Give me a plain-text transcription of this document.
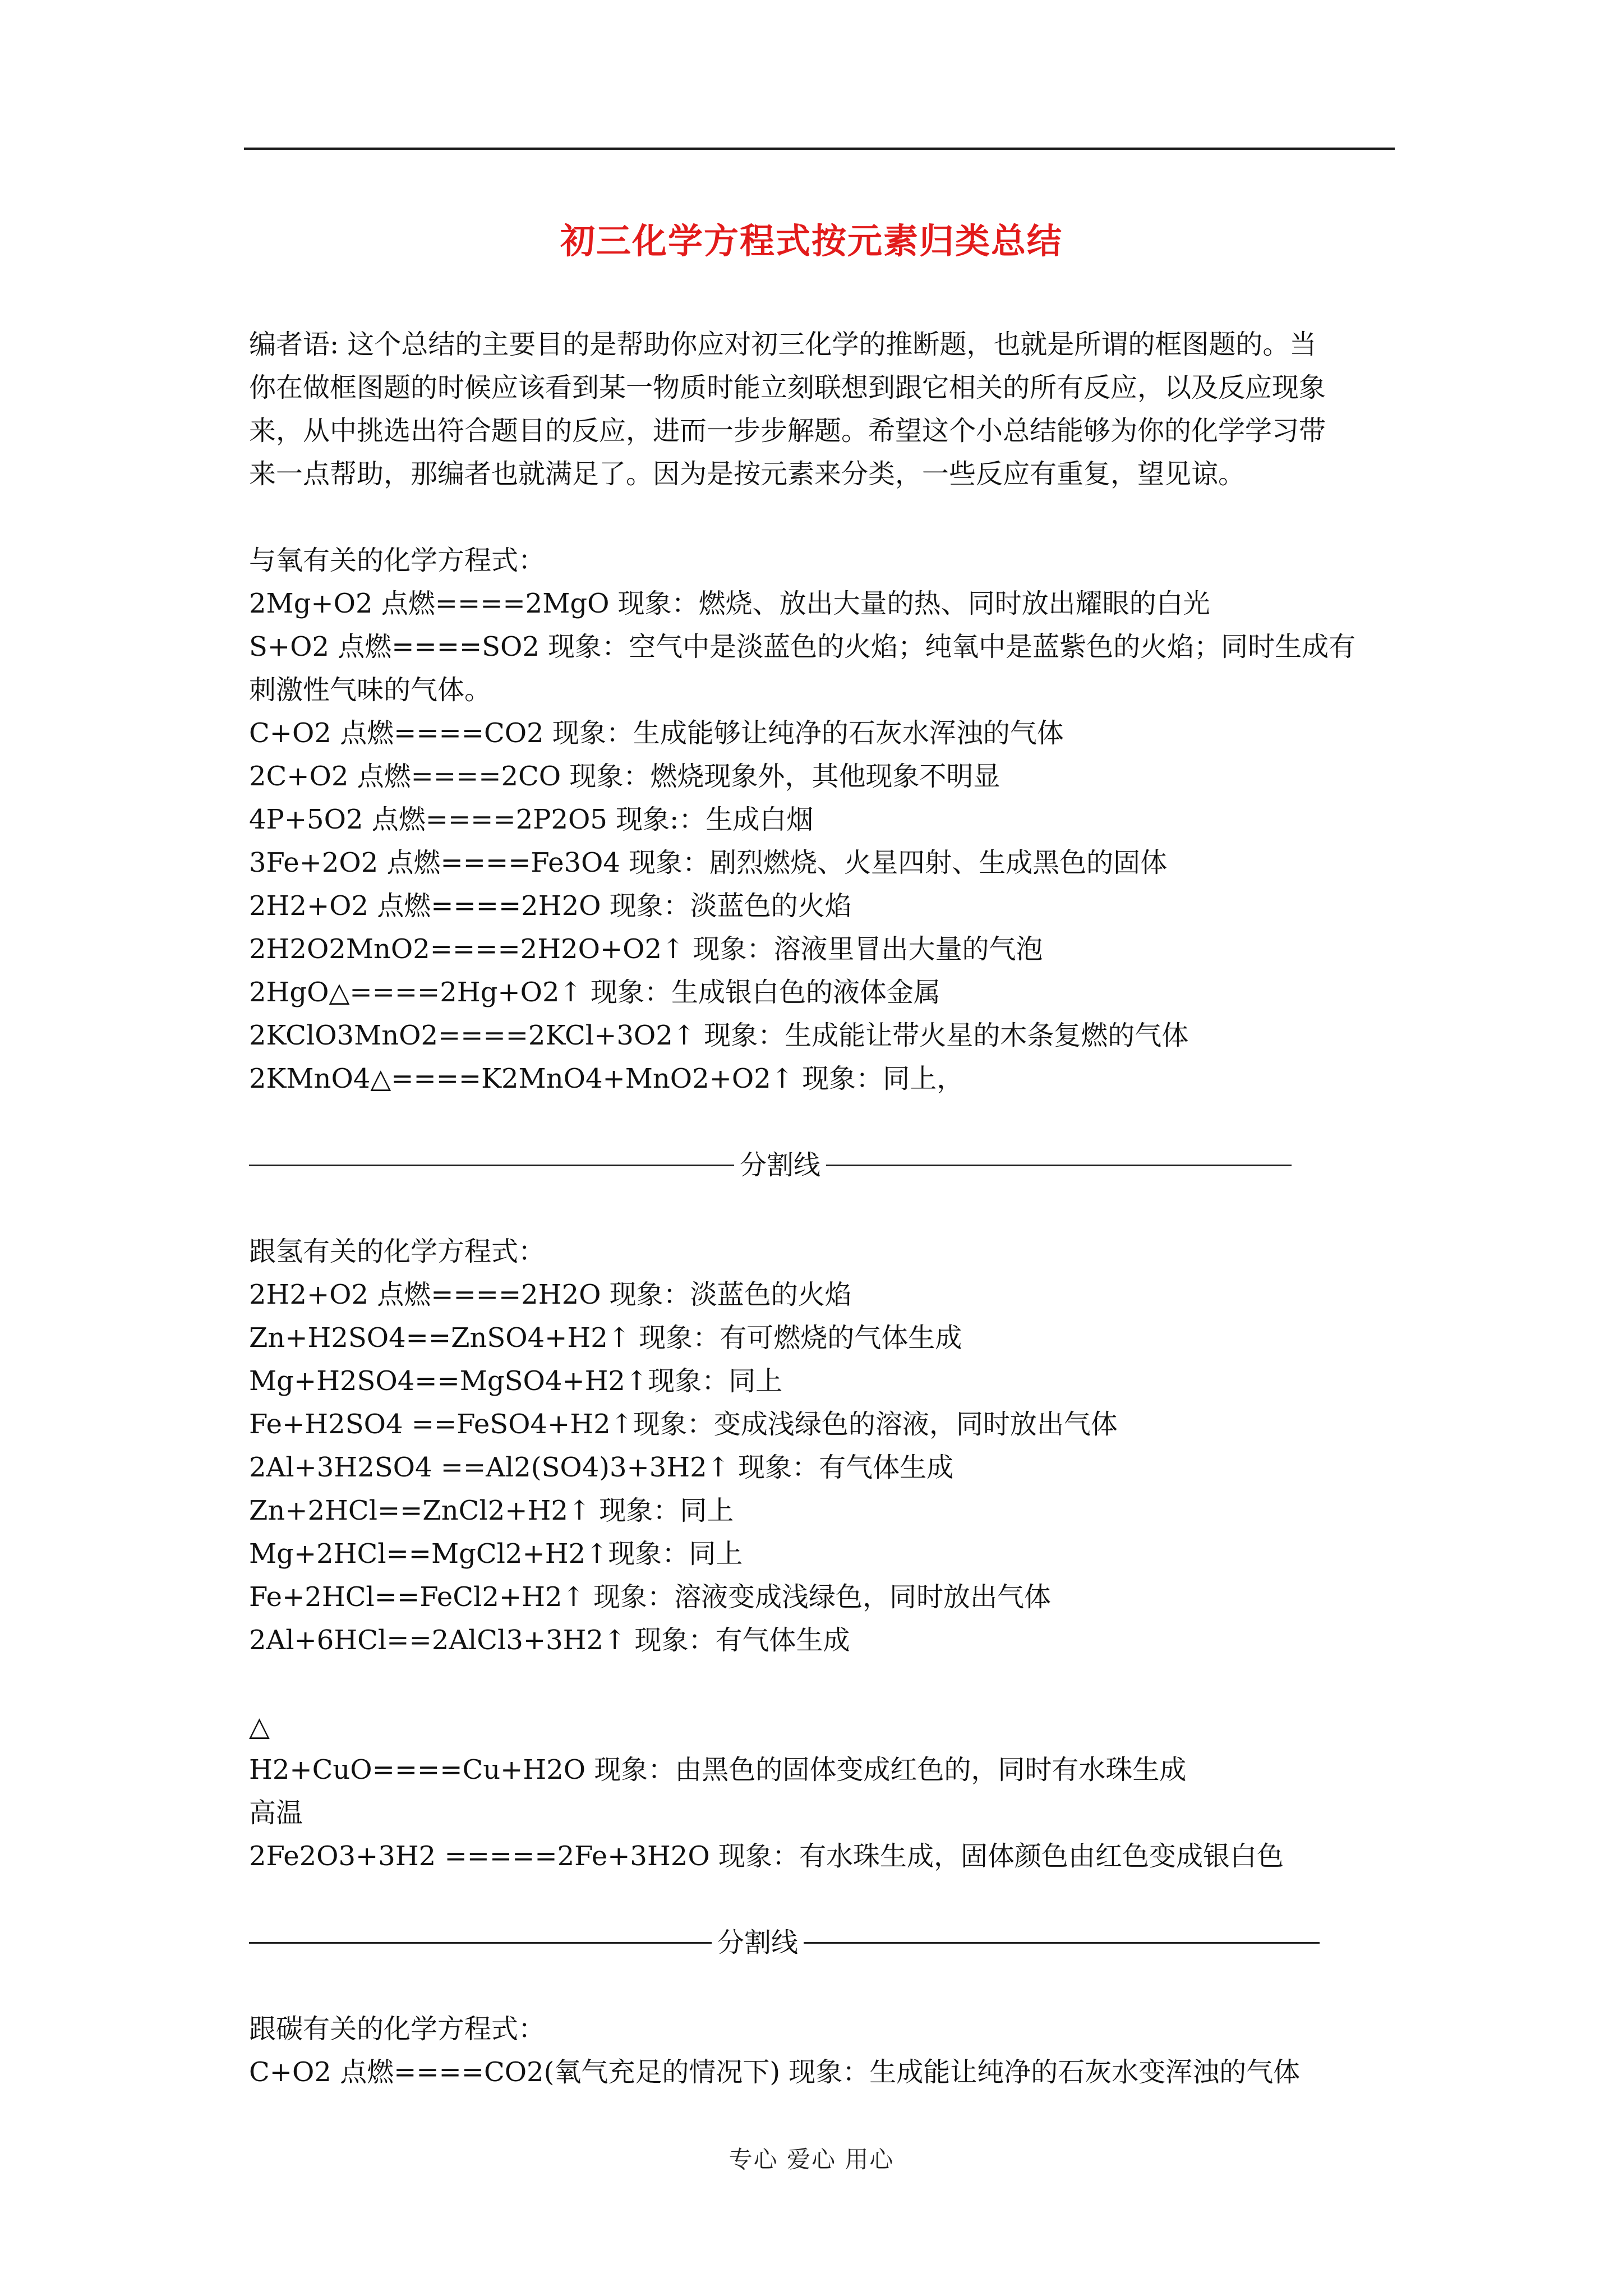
初三化学方程式按元素归类总结
编者语: 这个总结的主要目的是帮助你应对初三化学的推断题，也就是所谓的框图题的。当
你在做框图题的时候应该看到某一物质时能立刻联想到跟它相关的所有反应，以及反应现象
来，从中挑选出符合题目的反应，进而一步步解题。希望这个小总结能够为你的化学学习带
来一点帮助，那编者也就满足了。因为是按元素来分类，一些反应有重复，望见谅。
与氧有关的化学方程式：
2Mg+O2 点燃====2MgO 现象：燃烧、放出大量的热、同时放出耀眼的白光
S+O2 点燃====SO2 现象：空气中是淡蓝色的火焰；纯氧中是蓝紫色的火焰；同时生成有
刺激性气味的气体。
C+O2 点燃====CO2 现象：生成能够让纯净的石灰水浑浊的气体
2C+O2 点燃====2CO 现象：燃烧现象外，其他现象不明显
4P+5O2 点燃====2P2O5 现象:：生成白烟
3Fe+2O2 点燃====Fe3O4 现象：剧烈燃烧、火星四射、生成黑色的固体
2H2+O2 点燃====2H2O 现象：淡蓝色的火焰
2H2O2MnO2====2H2O+O2↑ 现象：溶液里冒出大量的气泡
2HgO△====2Hg+O2↑ 现象：生成银白色的液体金属
2KClO3MnO2====2KCl+3O2↑ 现象：生成能让带火星的木条复燃的气体
2KMnO4△====K2MnO4+MnO2+O2↑ 现象：同上，
分割线
跟氢有关的化学方程式：
2H2+O2 点燃====2H2O 现象：淡蓝色的火焰
Zn+H2SO4==ZnSO4+H2↑ 现象：有可燃烧的气体生成
Mg+H2SO4==MgSO4+H2↑现象：同上
Fe+H2SO4 ==FeSO4+H2↑现象：变成浅绿色的溶液，同时放出气体
2Al+3H2SO4 ==Al2(SO4)3+3H2↑ 现象：有气体生成
Zn+2HCl==ZnCl2+H2↑ 现象：同上
Mg+2HCl==MgCl2+H2↑现象：同上
Fe+2HCl==FeCl2+H2↑ 现象：溶液变成浅绿色，同时放出气体
2Al+6HCl==2AlCl3+3H2↑ 现象：有气体生成
△
H2+CuO====Cu+H2O 现象：由黑色的固体变成红色的，同时有水珠生成
高温
2Fe2O3+3H2 =====2Fe+3H2O 现象：有水珠生成，固体颜色由红色变成银白色
分割线
跟碳有关的化学方程式：
C+O2 点燃====CO2(氧气充足的情况下) 现象：生成能让纯净的石灰水变浑浊的气体
专心 爱心 用心
